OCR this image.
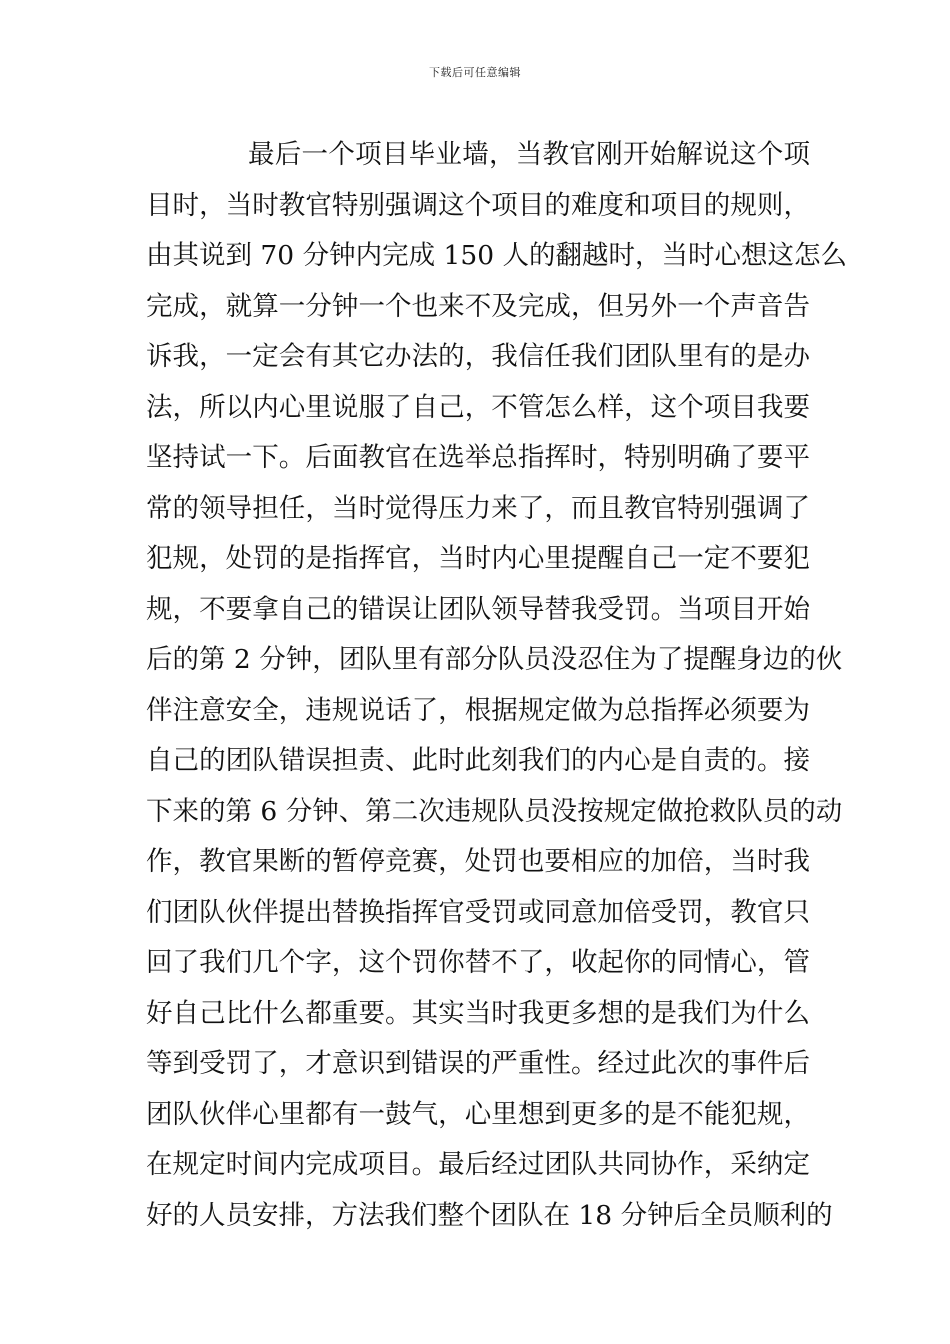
下载后可任意编辑
最后一个项目毕业墙，当教官刚开始解说这个项
目时，当时教官特别强调这个项目的难度和项目的规则，
由其说到 70 分钟内完成 150 人的翻越时，当时心想这怎么
完成，就算一分钟一个也来不及完成，但另外一个声音告
诉我，一定会有其它办法的，我信任我们团队里有的是办
法，所以内心里说服了自己，不管怎么样，这个项目我要
坚持试一下。后面教官在选举总指挥时，特别明确了要平
常的领导担任，当时觉得压力来了，而且教官特别强调了
犯规，处罚的是指挥官，当时内心里提醒自己一定不要犯
规，不要拿自己的错误让团队领导替我受罚。当项目开始
后的第 2 分钟，团队里有部分队员没忍住为了提醒身边的伙
伴注意安全，违规说话了，根据规定做为总指挥必须要为
自己的团队错误担责、此时此刻我们的内心是自责的。接
下来的第 6 分钟、第二次违规队员没按规定做抢救队员的动
作，教官果断的暂停竞赛，处罚也要相应的加倍，当时我
们团队伙伴提出替换指挥官受罚或同意加倍受罚，教官只
回了我们几个字，这个罚你替不了，收起你的同情心，管
好自己比什么都重要。其实当时我更多想的是我们为什么
等到受罚了，才意识到错误的严重性。经过此次的事件后
团队伙伴心里都有一鼓气，心里想到更多的是不能犯规，
在规定时间内完成项目。最后经过团队共同协作，采纳定
好的人员安排，方法我们整个团队在 18 分钟后全员顺利的
